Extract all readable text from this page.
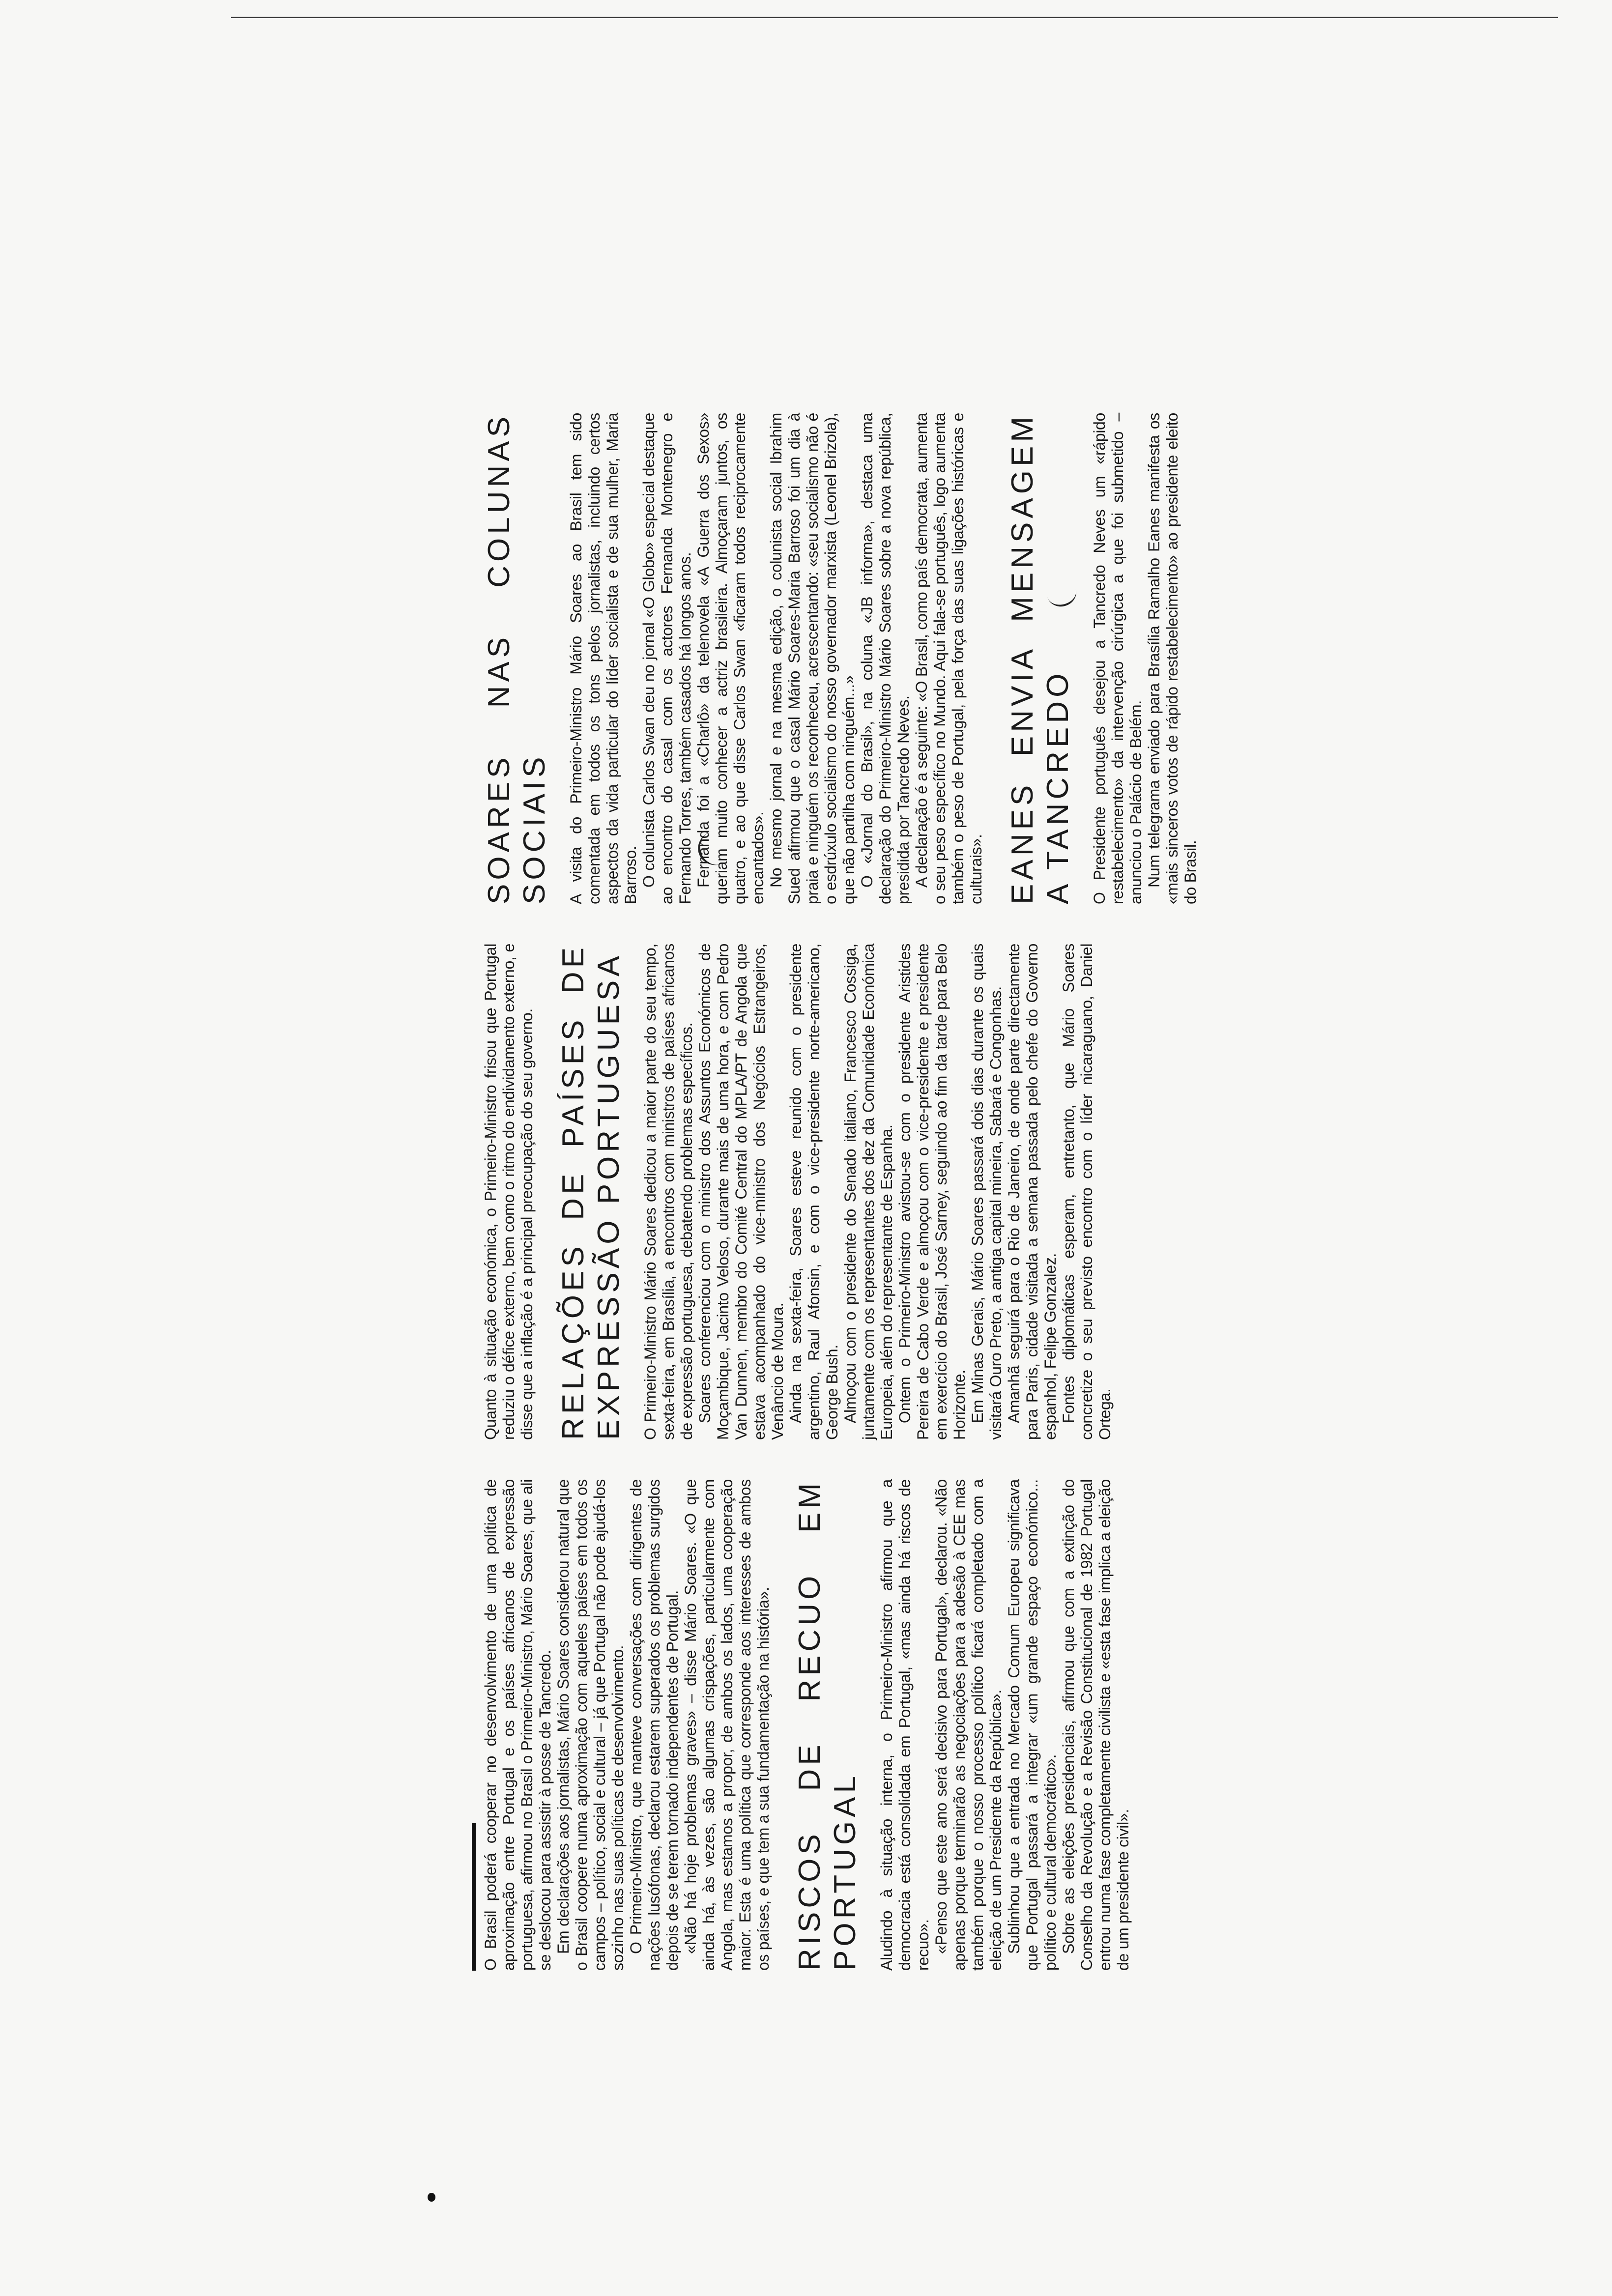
O Brasil poderá cooperar no desenvolvimento de uma política de aproximação entre Portugal e os países africanos de expressão portuguesa, afirmou no Brasil o Primeiro-Ministro, Mário Soares, que ali se deslocou para assistir à posse de Tancredo. Em declarações aos jornalistas, Mário Soares considerou natural que o Brasil coopere numa aproximação com aqueles países em todos os campos – político, social e cultural – já que Portugal não pode ajudá-los sozinho nas suas políticas de desenvolvimento. O Primeiro-Ministro, que manteve conversações com dirigentes de nações lusófonas, declarou estarem superados os problemas surgidos depois de se terem tornado independentes de Portugal. «Não há hoje problemas graves» – disse Mário Soares. «O que ainda há, às vezes, são algumas crispações, particularmente com Angola, mas estamos a propor, de ambos os lados, uma cooperação maior. Esta é uma política que corresponde aos interesses de ambos os países, e que tem a sua fundamentação na história». RISCOS DE RECUO EM PORTUGAL Aludindo à situação interna, o Primeiro-Ministro afirmou que a democracia está consolidada em Portugal, «mas ainda há riscos de recuo». «Penso que este ano será decisivo para Portugal», declarou. «Não apenas porque terminarão as negociações para a adesão à CEE mas também porque o nosso processo político ficará completado com a eleição de um Presidente da República». Sublinhou que a entrada no Mercado Comum Europeu significava que Portugal passará a integrar «um grande espaço económico... político e cultural democrático». Sobre as eleições presidenciais, afirmou que com a extinção do Conselho da Revolução e a Revisão Constitucional de 1982 Portugal entrou numa fase completamente civilista e «esta fase implica a eleição de um presidente civil».

Quanto à situação económica, o Primeiro-Ministro frisou que Portugal reduziu o défice externo, bem como o ritmo do endividamento externo, e disse que a inflação é a principal preocupação do seu governo. RELAÇÕES DE PAÍSES DE EXPRESSÃO PORTUGUESA O Primeiro-Ministro Mário Soares dedicou a maior parte do seu tempo, sexta-feira, em Brasília, a encontros com ministros de países africanos de expressão portuguesa, debatendo problemas específicos. Soares conferenciou com o ministro dos Assuntos Económicos de Moçambique, Jacinto Veloso, durante mais de uma hora, e com Pedro Van Dunnen, membro do Comité Central do MPLA/PT de Angola que estava acompanhado do vice-ministro dos Negócios Estrangeiros, Venâncio de Moura. Ainda na sexta-feira, Soares esteve reunido com o presidente argentino, Raul Afonsin, e com o vice-presidente norte-americano, George Bush. Almoçou com o presidente do Senado italiano, Francesco Cossiga, juntamente com os representantes dos dez da Comunidade Económica Europeia, além do representante de Espanha. Ontem o Primeiro-Ministro avistou-se com o presidente Aristides Pereira de Cabo Verde e almoçou com o vice-presidente e presidente em exercício do Brasil, José Sarney, seguindo ao fim da tarde para Belo Horizonte. Em Minas Gerais, Mário Soares passará dois dias durante os quais visitará Ouro Preto, a antiga capital mineira, Sabará e Congonhas. Amanhã seguirá para o Rio de Janeiro, de onde parte directamente para Paris, cidade visitada a semana passada pelo chefe do Governo espanhol, Felipe Gonzalez. Fontes diplomáticas esperam, entretanto, que Mário Soares concretize o seu previsto encontro com o líder nicaraguano, Daniel Ortega.

SOARES NAS COLUNAS SOCIAIS A visita do Primeiro-Ministro Mário Soares ao Brasil tem sido comentada em todos os tons pelos jornalistas, incluindo certos aspectos da vida particular do líder socialista e de sua mulher, Maria Barroso. O colunista Carlos Swan deu no jornal «O Globo» especial destaque ao encontro do casal com os actores Fernanda Montenegro e Fernando Torres, também casados há longos anos. Fernanda foi a «Charlô» da telenovela «A Guerra dos Sexos» queriam muito conhecer a actriz brasileira. Almoçaram juntos, os quatro, e ao que disse Carlos Swan «ficaram todos reciprocamente encantados». No mesmo jornal e na mesma edição, o colunista social Ibrahim Sued afirmou que o casal Mário Soares-Maria Barroso foi um dia à praia e ninguém os reconheceu, acrescentando: «seu socialismo não é o esdrúxulo socialismo do nosso governador marxista (Leonel Brizola), que não partilha com ninguém...» O «Jornal do Brasil», na coluna «JB informa», destaca uma declaração do Primeiro-Ministro Mário Soares sobre a nova república, presidida por Tancredo Neves. A declaração é a seguinte: «O Brasil, como país democrata, aumenta o seu peso específico no Mundo. Aqui fala-se português, logo aumenta também o peso de Portugal, pela força das suas ligações históricas e culturais». EANES ENVIA MENSAGEM A TANCREDO O Presidente português desejou a Tancredo Neves um «rápido restabelecimento» da intervenção cirúrgica a que foi submetido – anunciou o Palácio de Belém. Num telegrama enviado para Brasília Ramalho Eanes manifesta os «mais sinceros votos de rápido restabelecimento» ao presidente eleito do Brasil.
